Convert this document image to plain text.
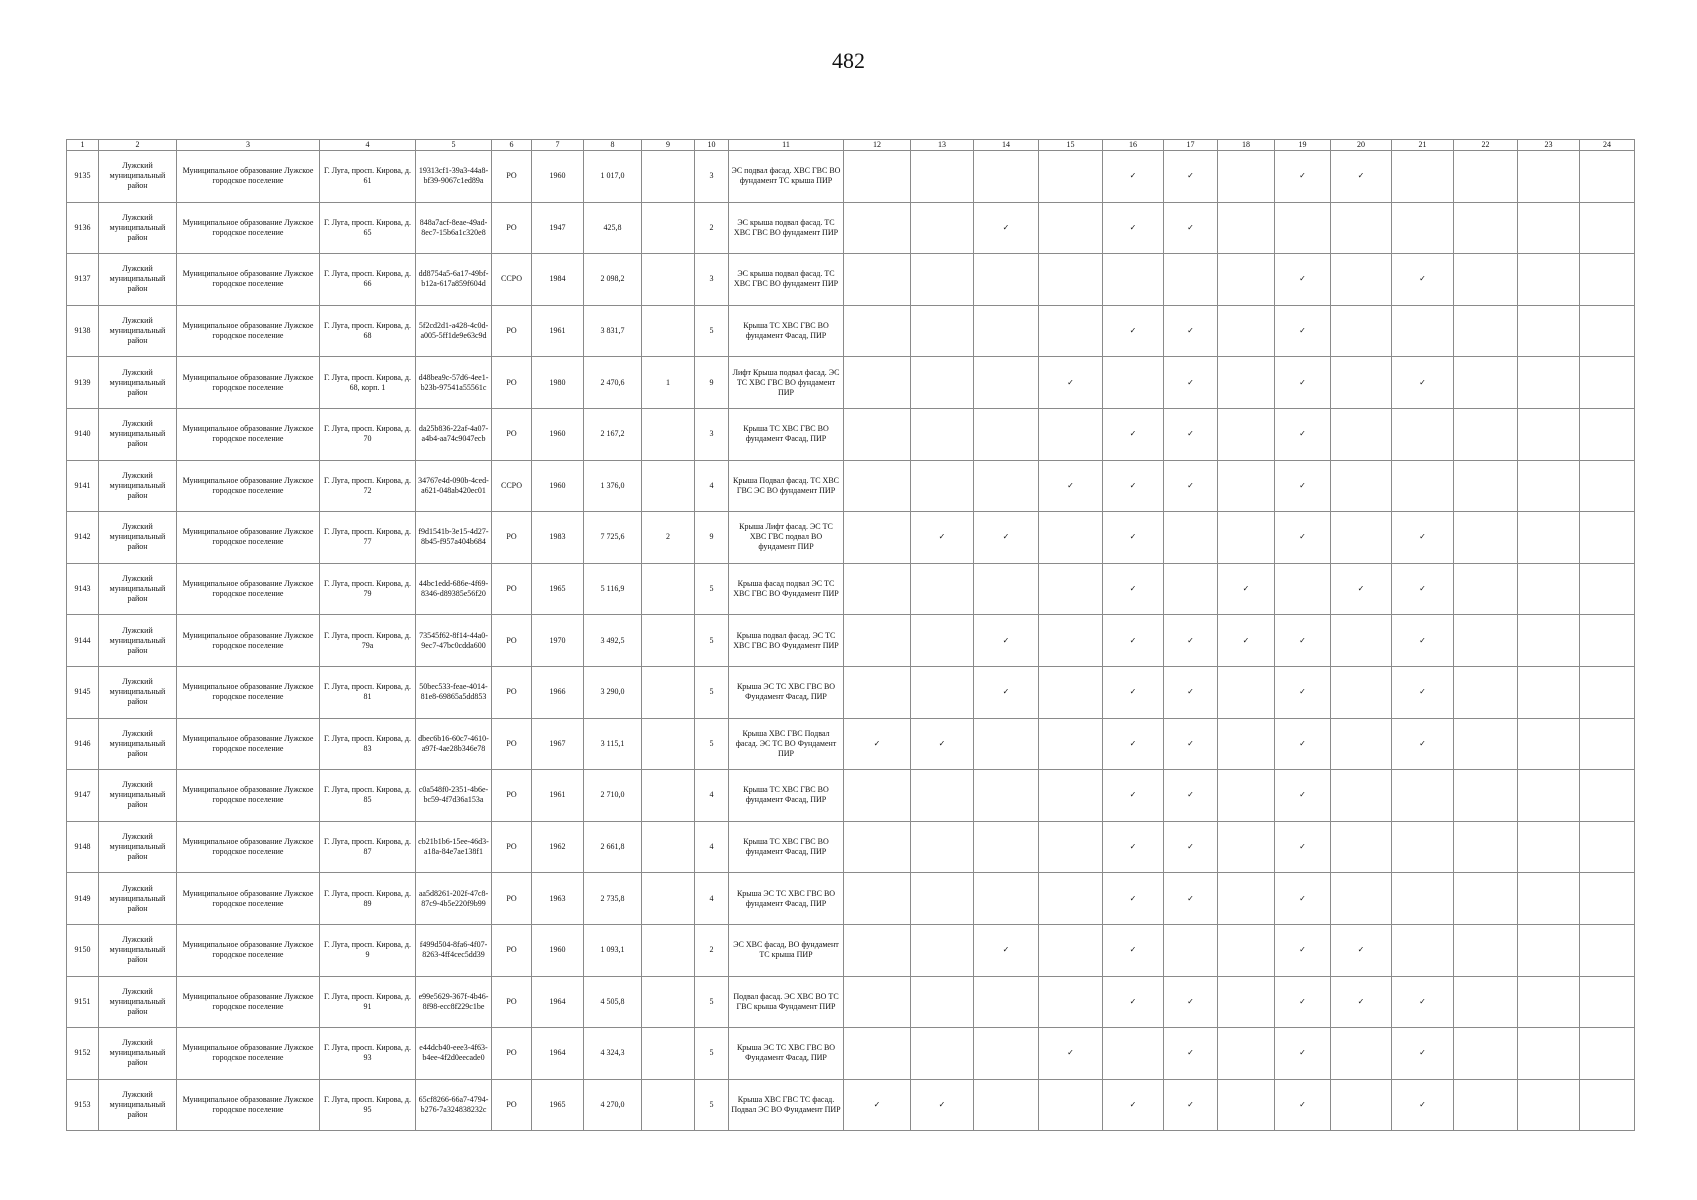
482
1	2	3	4	5	6	7	8	9	10	11	12	13	14	15	16	17	18	19	20	21	22	23	24
9135	Лужский муниципальный район	Муниципальное образование Лужское городское поселение	Г. Луга, просп. Кирова, д. 61	19313cf1-39a3-44a8-bf39-9067c1ed89a	РО	1960	1 017,0		3	ЭС подвал фасад. ХВС ГВС ВО фундамент ТС крыша ПИР					✓	✓		✓	✓				
9136	Лужский муниципальный район	Муниципальное образование Лужское городское поселение	Г. Луга, просп. Кирова, д. 65	848a7acf-8eae-49ad-8ec7-15b6a1c320e8	РО	1947	425,8		2	ЭС крыша подвал фасад. ТС ХВС ГВС ВО фундамент ПИР			✓		✓	✓							
9137	Лужский муниципальный район	Муниципальное образование Лужское городское поселение	Г. Луга, просп. Кирова, д. 66	dd8754a5-6a17-49bf-b12a-617a859f604d	ССРО	1984	2 098,2		3	ЭС крыша подвал фасад. ТС ХВС ГВС ВО фундамент ПИР								✓		✓			
9138	Лужский муниципальный район	Муниципальное образование Лужское городское поселение	Г. Луга, просп. Кирова, д. 68	5f2cd2d1-a428-4c0d-a005-5ff1de9e63c9d	РО	1961	3 831,7		5	Крыша ТС ХВС ГВС ВО фундамент Фасад, ПИР					✓	✓		✓					
9139	Лужский муниципальный район	Муниципальное образование Лужское городское поселение	Г. Луга, просп. Кирова, д. 68, корп. 1	d48bea9c-57d6-4ee1-b23b-97541a55561c	РО	1980	2 470,6	1	9	Лифт Крыша подвал фасад. ЭС ТС ХВС ГВС ВО фундамент ПИР				✓		✓		✓		✓			
9140	Лужский муниципальный район	Муниципальное образование Лужское городское поселение	Г. Луга, просп. Кирова, д. 70	da25b836-22af-4a07-a4b4-aa74c9047ecb	РО	1960	2 167,2		3	Крыша ТС ХВС ГВС ВО фундамент Фасад, ПИР					✓	✓		✓					
9141	Лужский муниципальный район	Муниципальное образование Лужское городское поселение	Г. Луга, просп. Кирова, д. 72	34767e4d-090b-4ced-a621-048ab420ec01	ССРО	1960	1 376,0		4	Крыша Подвал фасад. ТС ХВС ГВС ЭС ВО фундамент ПИР				✓	✓	✓		✓					
9142	Лужский муниципальный район	Муниципальное образование Лужское городское поселение	Г. Луга, просп. Кирова, д. 77	f9d1541b-3e15-4d27-8b45-f957a404b684	РО	1983	7 725,6	2	9	Крыша Лифт фасад. ЭС ТС ХВС ГВС подвал ВО фундамент ПИР		✓	✓		✓			✓		✓			
9143	Лужский муниципальный район	Муниципальное образование Лужское городское поселение	Г. Луга, просп. Кирова, д. 79	44bc1edd-686e-4f69-8346-d89385e56f20	РО	1965	5 116,9		5	Крыша фасад подвал ЭС ТС ХВС ГВС ВО Фундамент ПИР					✓		✓		✓	✓			
9144	Лужский муниципальный район	Муниципальное образование Лужское городское поселение	Г. Луга, просп. Кирова, д. 79а	73545f62-8f14-44a0-9ec7-47bc0cdda600	РО	1970	3 492,5		5	Крыша подвал фасад. ЭС ТС ХВС ГВС ВО Фундамент ПИР			✓		✓	✓	✓	✓		✓			
9145	Лужский муниципальный район	Муниципальное образование Лужское городское поселение	Г. Луга, просп. Кирова, д. 81	50bec533-feae-4014-81e8-69865a5dd853	РО	1966	3 290,0		5	Крыша ЭС ТС ХВС ГВС ВО Фундамент Фасад, ПИР			✓		✓	✓		✓		✓			
9146	Лужский муниципальный район	Муниципальное образование Лужское городское поселение	Г. Луга, просп. Кирова, д. 83	dbec6b16-60c7-4610-a97f-4ae28b346e78	РО	1967	3 115,1		5	Крыша ХВС ГВС Подвал фасад. ЭС ТС ВО Фундамент ПИР	✓	✓			✓	✓		✓		✓			
9147	Лужский муниципальный район	Муниципальное образование Лужское городское поселение	Г. Луга, просп. Кирова, д. 85	c0a548f0-2351-4b6e-bc59-4f7d36a153a	РО	1961	2 710,0		4	Крыша ТС ХВС ГВС ВО фундамент Фасад, ПИР					✓	✓		✓					
9148	Лужский муниципальный район	Муниципальное образование Лужское городское поселение	Г. Луга, просп. Кирова, д. 87	cb21b1b6-15ee-46d3-a18a-84e7ae138f1	РО	1962	2 661,8		4	Крыша ТС ХВС ГВС ВО фундамент Фасад, ПИР					✓	✓		✓					
9149	Лужский муниципальный район	Муниципальное образование Лужское городское поселение	Г. Луга, просп. Кирова, д. 89	aa5d8261-202f-47c8-87c9-4b5e220f9b99	РО	1963	2 735,8		4	Крыша ЭС ТС ХВС ГВС ВО фундамент Фасад, ПИР					✓	✓		✓					
9150	Лужский муниципальный район	Муниципальное образование Лужское городское поселение	Г. Луга, просп. Кирова, д. 9	f499d504-8fa6-4f07-8263-4ff4cec5dd39	РО	1960	1 093,1		2	ЭС ХВС фасад, ВО фундамент ТС крыша ПИР			✓		✓			✓	✓				
9151	Лужский муниципальный район	Муниципальное образование Лужское городское поселение	Г. Луга, просп. Кирова, д. 91	e99e5629-367f-4b46-8f98-ecc8f229c1be	РО	1964	4 505,8		5	Подвал фасад. ЭС ХВС ВО ТС ГВС крыша Фундамент ПИР					✓	✓		✓	✓	✓			
9152	Лужский муниципальный район	Муниципальное образование Лужское городское поселение	Г. Луга, просп. Кирова, д. 93	e44dcb40-eee3-4f63-b4ee-4f2d0eecade0	РО	1964	4 324,3		5	Крыша ЭС ТС ХВС ГВС ВО Фундамент Фасад, ПИР				✓		✓		✓		✓			
9153	Лужский муниципальный район	Муниципальное образование Лужское городское поселение	Г. Луга, просп. Кирова, д. 95	65cf8266-66a7-4794-b276-7a324838232c	РО	1965	4 270,0		5	Крыша ХВС ГВС ТС фасад. Подвал ЭС ВО Фундамент ПИР	✓	✓			✓	✓		✓		✓			
